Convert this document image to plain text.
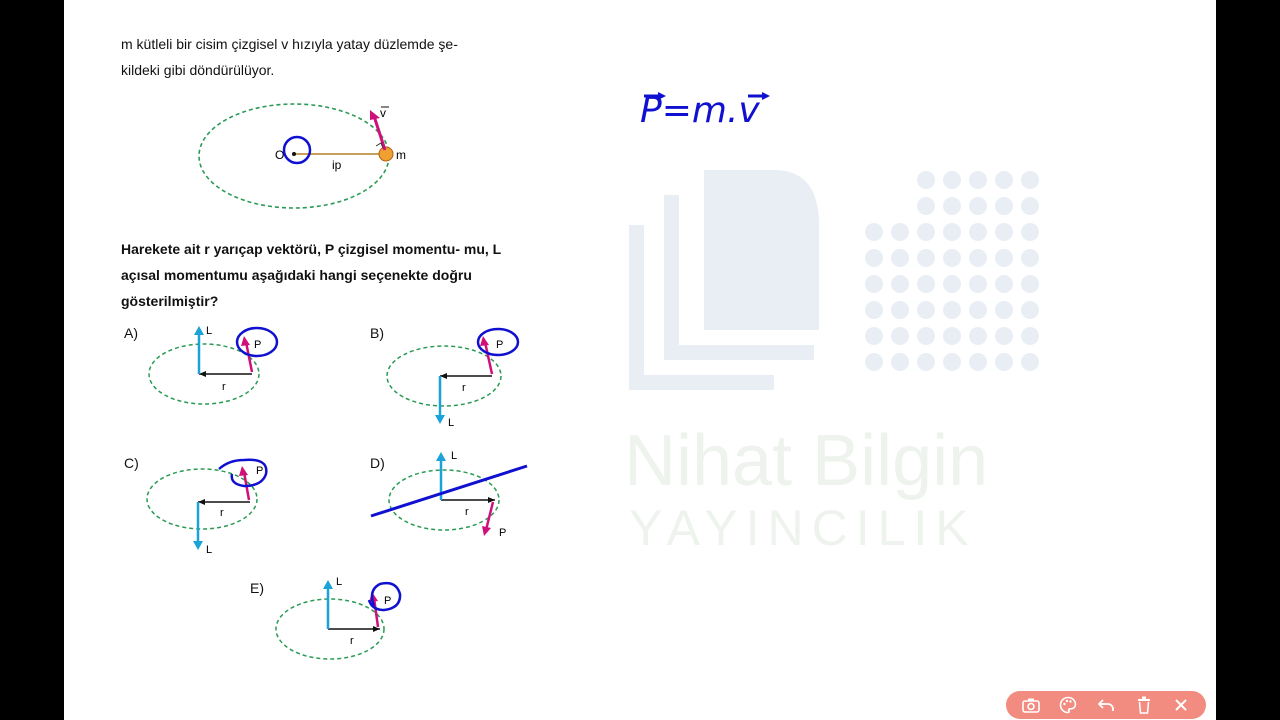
Nihat Bilgin
YAYINCILIK
m kütleli bir cisim çizgisel v hızıyla yatay düzlemde şe-
kildeki gibi döndürülüyor.
O	m
ip
v
Harekete ait r yarıçap vektörü, P çizgisel momentu- mu, L açısal momentumu aşağıdaki hangi seçenekte doğru gösterilmiştir?
A)	L
r
P
B)
r
L
P
C)
r
L
P	D)	L
r
P
E)	L
r
P
P=m.v
